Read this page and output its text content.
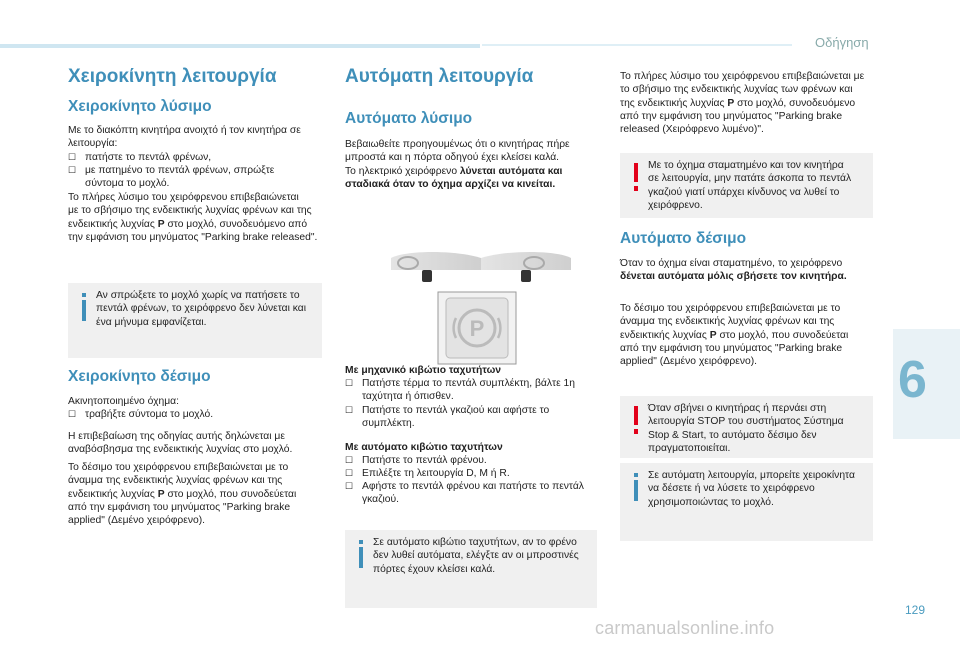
Οδήγηση
6
129
carmanualsonline.info
Χειροκίνητη λειτουργία
Χειροκίνητο λύσιμο

Με το διακόπτη κινητήρα ανοιχτό ή τον κινητήρα σε
λειτουργία:

☐ πατήστε το πεντάλ φρένων,
☐ με πατημένο το πεντάλ φρένων, σπρώξτε
σύντομα το μοχλό.

Το πλήρες λύσιμο του χειρόφρενου επιβεβαιώνεται
με το σβήσιμο της ενδεικτικής λυχνίας φρένων και της
ενδεικτικής λυχνίας P στο μοχλό, συνοδευόμενο από
την εμφάνιση του μηνύματος "Parking brake released".

Αν σπρώξετε το μοχλό χωρίς να πατήσετε το
πεντάλ φρένων, το χειρόφρενο δεν λύνεται και
ένα μήνυμα εμφανίζεται.
Χειροκίνητο δέσιμο

Ακινητοποιημένο όχημα:

☐ τραβήξτε σύντομα το μοχλό.

Η επιβεβαίωση της οδηγίας αυτής δηλώνεται με
αναβόσβησμα της ενδεικτικής λυχνίας στο μοχλό.

Το δέσιμο του χειρόφρενου επιβεβαιώνεται με το
άναμμα της ενδεικτικής λυχνίας φρένων και της
ενδεικτικής λυχνίας P στο μοχλό, που συνοδεύεται
από την εμφάνιση του μηνύματος "Parking brake
applied" (Δεμένο χειρόφρενο).

Αυτόματη λειτουργία
Αυτόματο λύσιμο

Βεβαιωθείτε προηγουμένως ότι ο κινητήρας πήρε
μπροστά και η πόρτα οδηγού έχει κλείσει καλά.
Το ηλεκτρικό χειρόφρενο λύνεται αυτόματα και
σταδιακά όταν το όχημα αρχίζει να κινείται.

P

Με μηχανικό κιβώτιο ταχυτήτων

☐ Πατήστε τέρμα το πεντάλ συμπλέκτη, βάλτε 1η
ταχύτητα ή όπισθεν.
☐ Πατήστε το πεντάλ γκαζιού και αφήστε το
συμπλέκτη.

Με αυτόματο κιβώτιο ταχυτήτων

☐ Πατήστε το πεντάλ φρένου.
☐ Επιλέξτε τη λειτουργία D, M ή R.
☐ Αφήστε το πεντάλ φρένου και πατήστε το πεντάλ
γκαζιού.
Σε αυτόματο κιβώτιο ταχυτήτων, αν το φρένο
δεν λυθεί αυτόματα, ελέγξτε αν οι μπροστινές
πόρτες έχουν κλείσει καλά.

Το πλήρες λύσιμο του χειρόφρενου επιβεβαιώνεται με
το σβήσιμο της ενδεικτικής λυχνίας των φρένων και
της ενδεικτικής λυχνίας P στο μοχλό, συνοδευόμενο
από την εμφάνιση του μηνύματος "Parking brake
released (Χειρόφρενο λυμένο)".

Με το όχημα σταματημένο και τον κινητήρα
σε λειτουργία, μην πατάτε άσκοπα το πεντάλ
γκαζιού γιατί υπάρχει κίνδυνος να λυθεί το
χειρόφρενο.
Αυτόματο δέσιμο

Όταν το όχημα είναι σταματημένο, το χειρόφρενο
δένεται αυτόματα μόλις σβήσετε τον κινητήρα.

Το δέσιμο του χειρόφρενου επιβεβαιώνεται με το
άναμμα της ενδεικτικής λυχνίας φρένων και της
ενδεικτικής λυχνίας P στο μοχλό, που συνοδεύεται
από την εμφάνιση του μηνύματος "Parking brake
applied" (Δεμένο χειρόφρενο).

Όταν σβήνει ο κινητήρας ή περνάει στη
λειτουργία STOP του συστήματος Σύστημα
Stop & Start, το αυτόματο δέσιμο δεν
πραγματοποιείται.
Σε αυτόματη λειτουργία, μπορείτε χειροκίνητα
να δέσετε ή να λύσετε το χειρόφρενο
χρησιμοποιώντας το μοχλό.
